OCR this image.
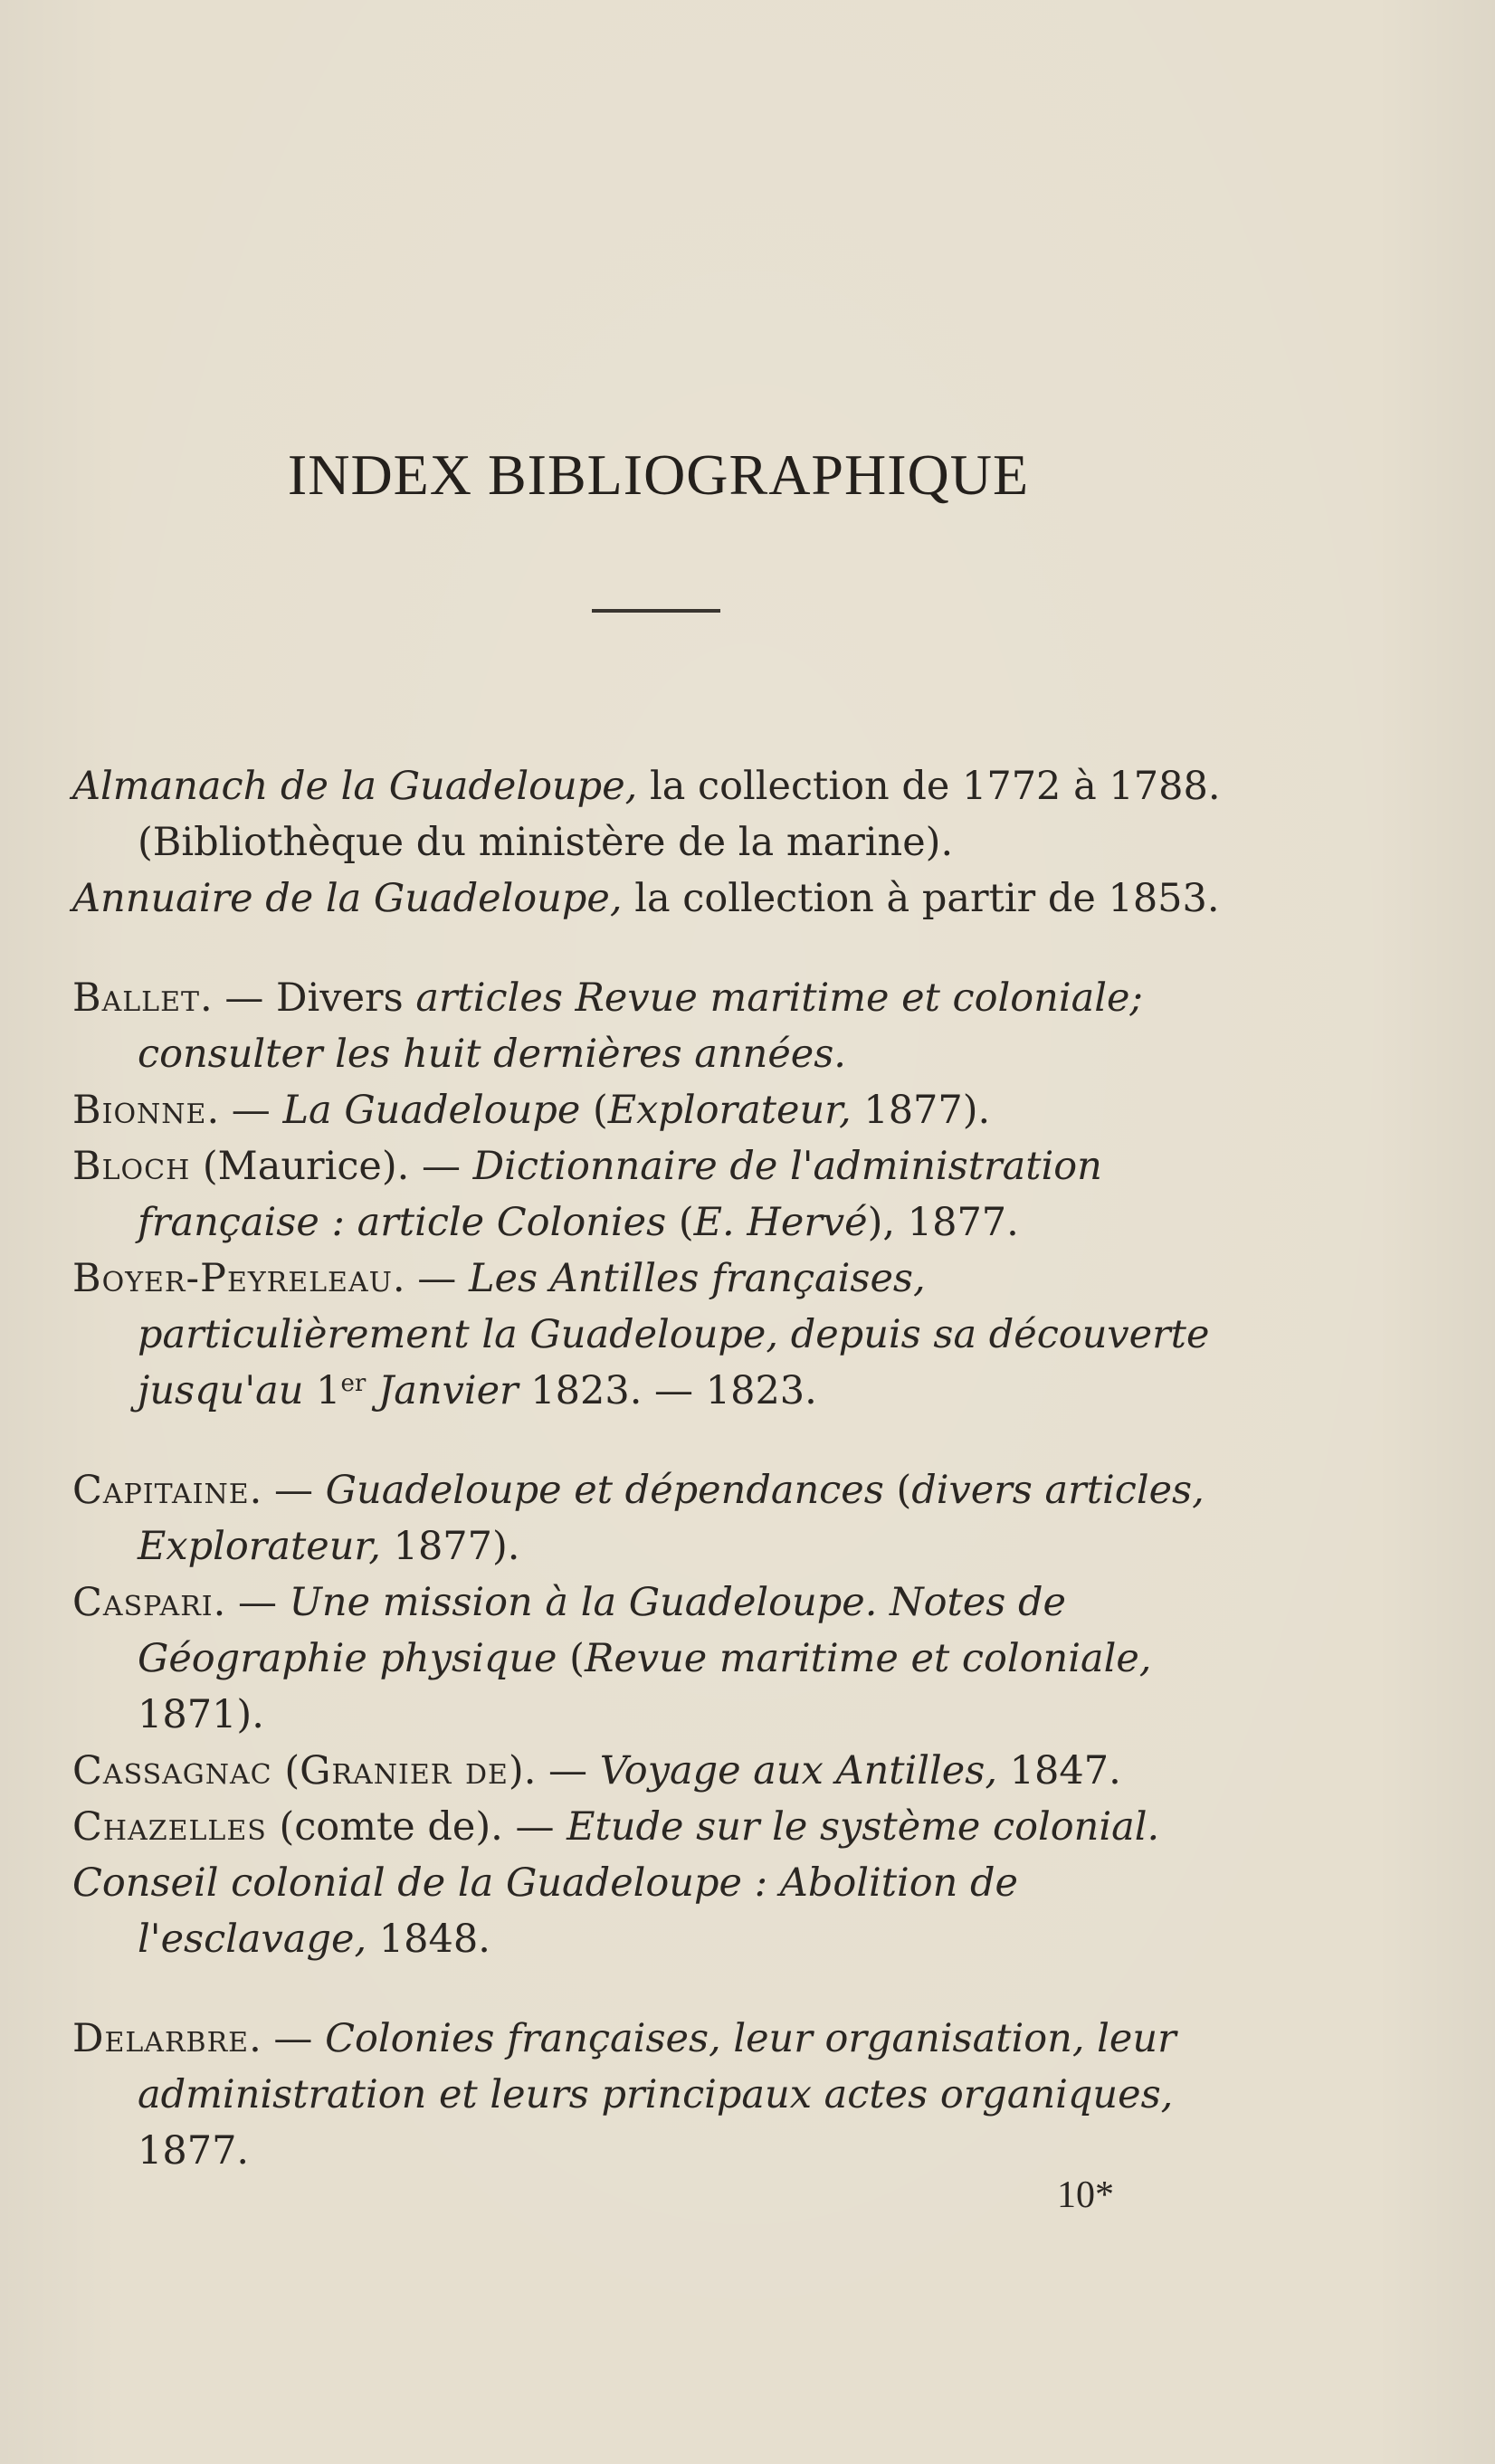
INDEX BIBLIOGRAPHIQUE

Almanach de la Guadeloupe, la collection de 1772 à 1788. (Bibliothèque du ministère de la marine).

Annuaire de la Guadeloupe, la collection à partir de 1853.

Ballet. — Divers articles Revue maritime et coloniale; consulter les huit dernières années.

Bionne. — La Guadeloupe (Explorateur, 1877).

Bloch (Maurice). — Dictionnaire de l'administration française : article Colonies (E. Hervé), 1877.

Boyer-Peyreleau. — Les Antilles françaises, particulièrement la Guadeloupe, depuis sa découverte jusqu'au 1er Janvier 1823. — 1823.

Capitaine. — Guadeloupe et dépendances (divers articles, Explorateur, 1877).

Caspari. — Une mission à la Guadeloupe. Notes de Géographie physique (Revue maritime et coloniale, 1871).

Cassagnac (Granier de). — Voyage aux Antilles, 1847.

Chazelles (comte de). — Etude sur le système colonial.

Conseil colonial de la Guadeloupe : Abolition de l'esclavage, 1848.

Delarbre. — Colonies françaises, leur organisation, leur administration et leurs principaux actes organiques, 1877.

10*
